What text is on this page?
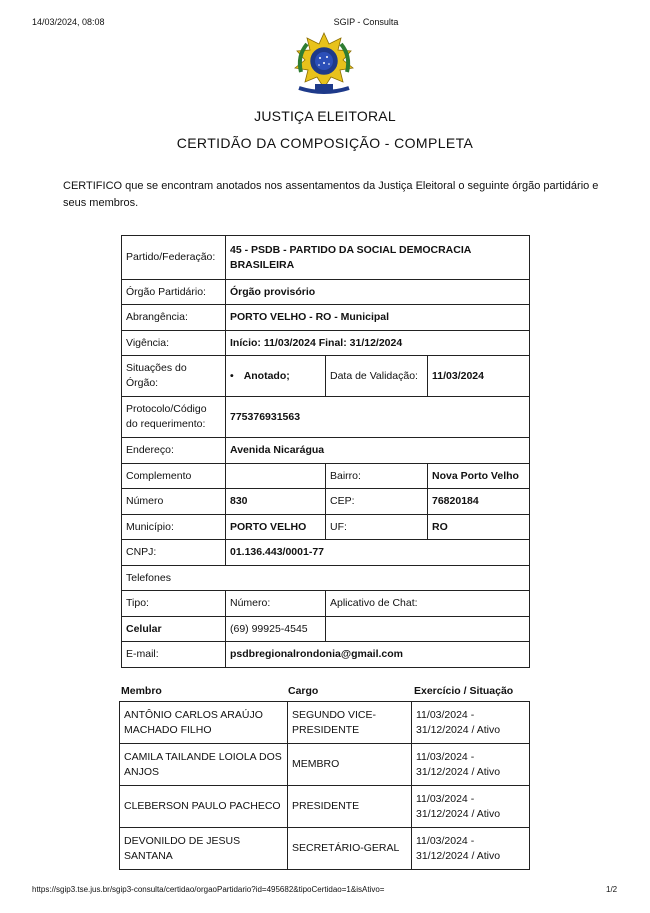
14/03/2024, 08:08	SGIP - Consulta
JUSTIÇA ELEITORAL
CERTIDÃO DA COMPOSIÇÃO - COMPLETA
CERTIFICO que se encontram anotados nos assentamentos da Justiça Eleitoral o seguinte órgão partidário e seus membros.
Partido/Federação:	45 - PSDB - PARTIDO DA SOCIAL DEMOCRACIA BRASILEIRA		
Órgão Partidário:	Órgão provisório		
Abrangência:	PORTO VELHO - RO - Municipal		
Vigência:	Início: 11/03/2024 Final: 31/12/2024		
Situações do Órgão:	• Anotado;	Data de Validação:	11/03/2024
Protocolo/Código do requerimento:	775376931563		
Endereço:	Avenida Nicarágua		
Complemento		Bairro:	Nova Porto Velho
Número	830	CEP:	76820184
Município:	PORTO VELHO	UF:	RO
CNPJ:	01.136.443/0001-77		
Telefones			
Tipo:	Número:	Aplicativo de Chat:	
Celular	(69) 99925-4545		
E-mail:	psdbregionalrondonia@gmail.com		
Membro	Cargo	Exercício / Situação
ANTÔNIO CARLOS ARAÚJO MACHADO FILHO	SEGUNDO VICE-PRESIDENTE	11/03/2024 - 31/12/2024 / Ativo
CAMILA TAILANDE LOIOLA DOS ANJOS	MEMBRO	11/03/2024 - 31/12/2024 / Ativo
CLEBERSON PAULO PACHECO	PRESIDENTE	11/03/2024 - 31/12/2024 / Ativo
DEVONILDO DE JESUS SANTANA	SECRETÁRIO-GERAL	11/03/2024 - 31/12/2024 / Ativo
https://sgip3.tse.jus.br/sgip3-consulta/certidao/orgaoPartidario?id=495682&tipoCertidao=1&isAtivo=	1/2
